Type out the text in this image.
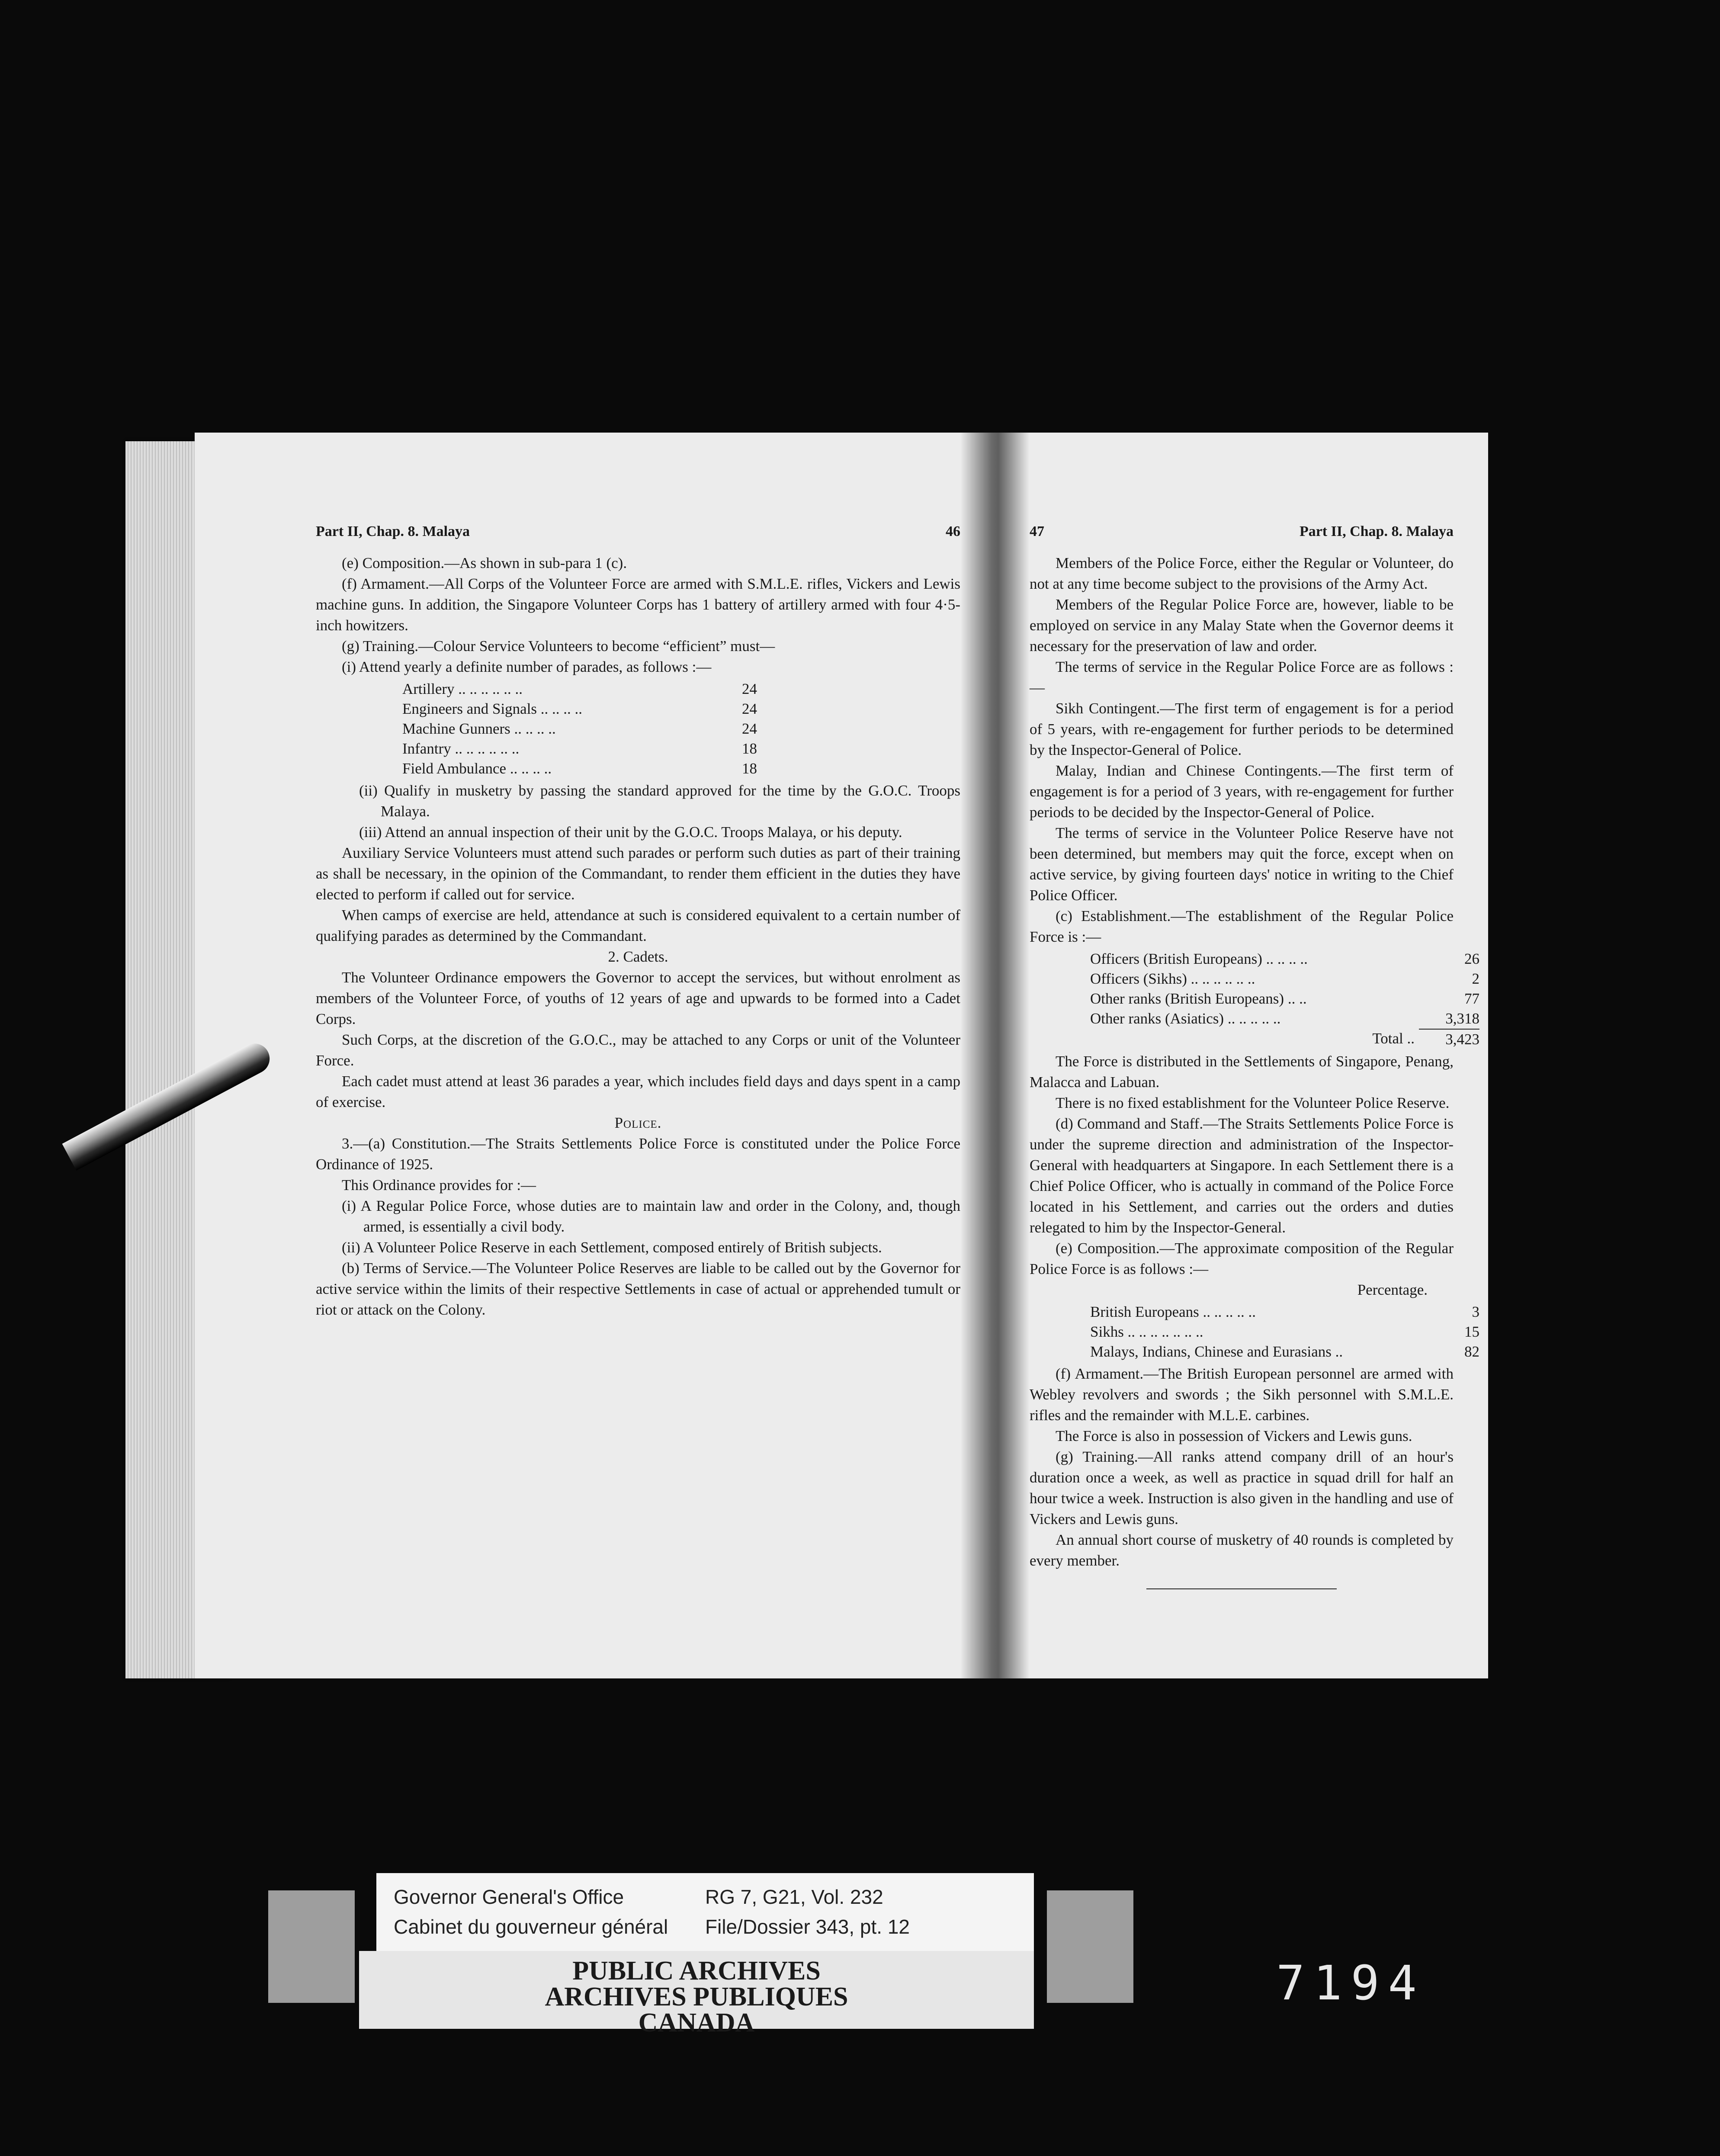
Part II, Chap. 8. Malaya	46

(e) Composition.—As shown in sub-para 1 (c).

(f) Armament.—All Corps of the Volunteer Force are armed with S.M.L.E. rifles, Vickers and Lewis machine guns. In addition, the Singapore Volunteer Corps has 1 battery of artillery armed with four 4·5-inch howitzers.

(g) Training.—Colour Service Volunteers to become “efficient” must—

(i) Attend yearly a definite number of parades, as follows :—

Artillery .. .. .. .. .. ..	24
Engineers and Signals .. .. .. ..	24
Machine Gunners .. .. .. ..	24
Infantry .. .. .. .. .. ..	18
Field Ambulance .. .. .. ..	18

(ii) Qualify in musketry by passing the standard approved for the time by the G.O.C. Troops Malaya.

(iii) Attend an annual inspection of their unit by the G.O.C. Troops Malaya, or his deputy.

Auxiliary Service Volunteers must attend such parades or perform such duties as part of their training as shall be necessary, in the opinion of the Commandant, to render them efficient in the duties they have elected to perform if called out for service.

When camps of exercise are held, attendance at such is considered equivalent to a certain number of qualifying parades as determined by the Commandant.

2. Cadets.

The Volunteer Ordinance empowers the Governor to accept the services, but without enrolment as members of the Volunteer Force, of youths of 12 years of age and upwards to be formed into a Cadet Corps.

Such Corps, at the discretion of the G.O.C., may be attached to any Corps or unit of the Volunteer Force.

Each cadet must attend at least 36 parades a year, which includes field days and days spent in a camp of exercise.

Police.

3.—(a) Constitution.—The Straits Settlements Police Force is constituted under the Police Force Ordinance of 1925.

This Ordinance provides for :—

(i) A Regular Police Force, whose duties are to maintain law and order in the Colony, and, though armed, is essentially a civil body.

(ii) A Volunteer Police Reserve in each Settlement, composed entirely of British subjects.

(b) Terms of Service.—The Volunteer Police Reserves are liable to be called out by the Governor for active service within the limits of their respective Settlements in case of actual or apprehended tumult or riot or attack on the Colony.

47	Part II, Chap. 8. Malaya

Members of the Police Force, either the Regular or Volunteer, do not at any time become subject to the provisions of the Army Act.

Members of the Regular Police Force are, however, liable to be employed on service in any Malay State when the Governor deems it necessary for the preservation of law and order.

The terms of service in the Regular Police Force are as follows :—

Sikh Contingent.—The first term of engagement is for a period of 5 years, with re-engagement for further periods to be determined by the Inspector-General of Police.

Malay, Indian and Chinese Contingents.—The first term of engagement is for a period of 3 years, with re-engagement for further periods to be decided by the Inspector-General of Police.

The terms of service in the Volunteer Police Reserve have not been determined, but members may quit the force, except when on active service, by giving fourteen days' notice in writing to the Chief Police Officer.

(c) Establishment.—The establishment of the Regular Police Force is :—

Officers (British Europeans) .. .. .. ..	26
Officers (Sikhs) .. .. .. .. .. ..	2
Other ranks (British Europeans) .. ..	77
Other ranks (Asiatics) .. .. .. .. ..	3,318
Total ..	3,423

The Force is distributed in the Settlements of Singapore, Penang, Malacca and Labuan.

There is no fixed establishment for the Volunteer Police Reserve.

(d) Command and Staff.—The Straits Settlements Police Force is under the supreme direction and administration of the Inspector-General with headquarters at Singapore. In each Settlement there is a Chief Police Officer, who is actually in command of the Police Force located in his Settlement, and carries out the orders and duties relegated to him by the Inspector-General.

(e) Composition.—The approximate composition of the Regular Police Force is as follows :—

Percentage.

British Europeans .. .. .. .. ..	3
Sikhs .. .. .. .. .. .. ..	15
Malays, Indians, Chinese and Eurasians ..	82

(f) Armament.—The British European personnel are armed with Webley revolvers and swords ; the Sikh personnel with S.M.L.E. rifles and the remainder with M.L.E. carbines.

The Force is also in possession of Vickers and Lewis guns.

(g) Training.—All ranks attend company drill of an hour's duration once a week, as well as practice in squad drill for half an hour twice a week. Instruction is also given in the handling and use of Vickers and Lewis guns.

An annual short course of musketry of 40 rounds is completed by every member.

Governor General's Office	RG 7, G21, Vol. 232
Cabinet du gouverneur général	File/Dossier 343, pt. 12
PUBLIC ARCHIVES
ARCHIVES PUBLIQUES
CANADA
7194
